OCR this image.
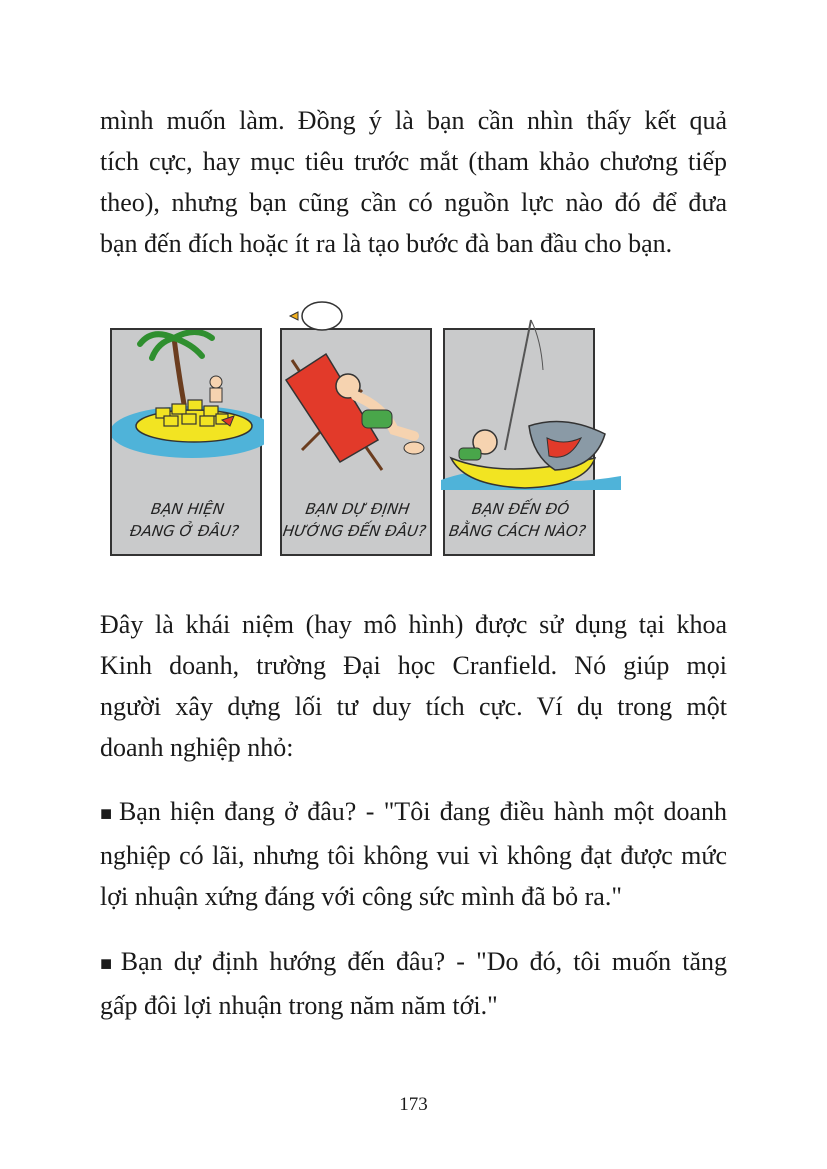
mình muốn làm. Đồng ý là bạn cần nhìn thấy kết quả
tích cực, hay mục tiêu trước mắt (tham khảo chương tiếp
theo), nhưng bạn cũng cần có nguồn lực nào đó để đưa
bạn đến đích hoặc ít ra là tạo bước đà ban đầu cho bạn.
BẠN HIỆN
ĐANG Ở ĐÂU?
BẠN DỰ ĐỊNH
HƯỚNG ĐẾN ĐÂU?
BẠN ĐẾN ĐÓ
BẰNG CÁCH NÀO?
Đây là khái niệm (hay mô hình) được sử dụng tại khoa
Kinh doanh, trường Đại học Cranfield. Nó giúp mọi
người xây dựng lối tư duy tích cực. Ví dụ trong một
doanh nghiệp nhỏ:
■ Bạn hiện đang ở đâu? - "Tôi đang điều hành một doanh
nghiệp có lãi, nhưng tôi không vui vì không đạt được mức
lợi nhuận xứng đáng với công sức mình đã bỏ ra."
■ Bạn dự định hướng đến đâu? - "Do đó, tôi muốn tăng
gấp đôi lợi nhuận trong năm năm tới."
173
